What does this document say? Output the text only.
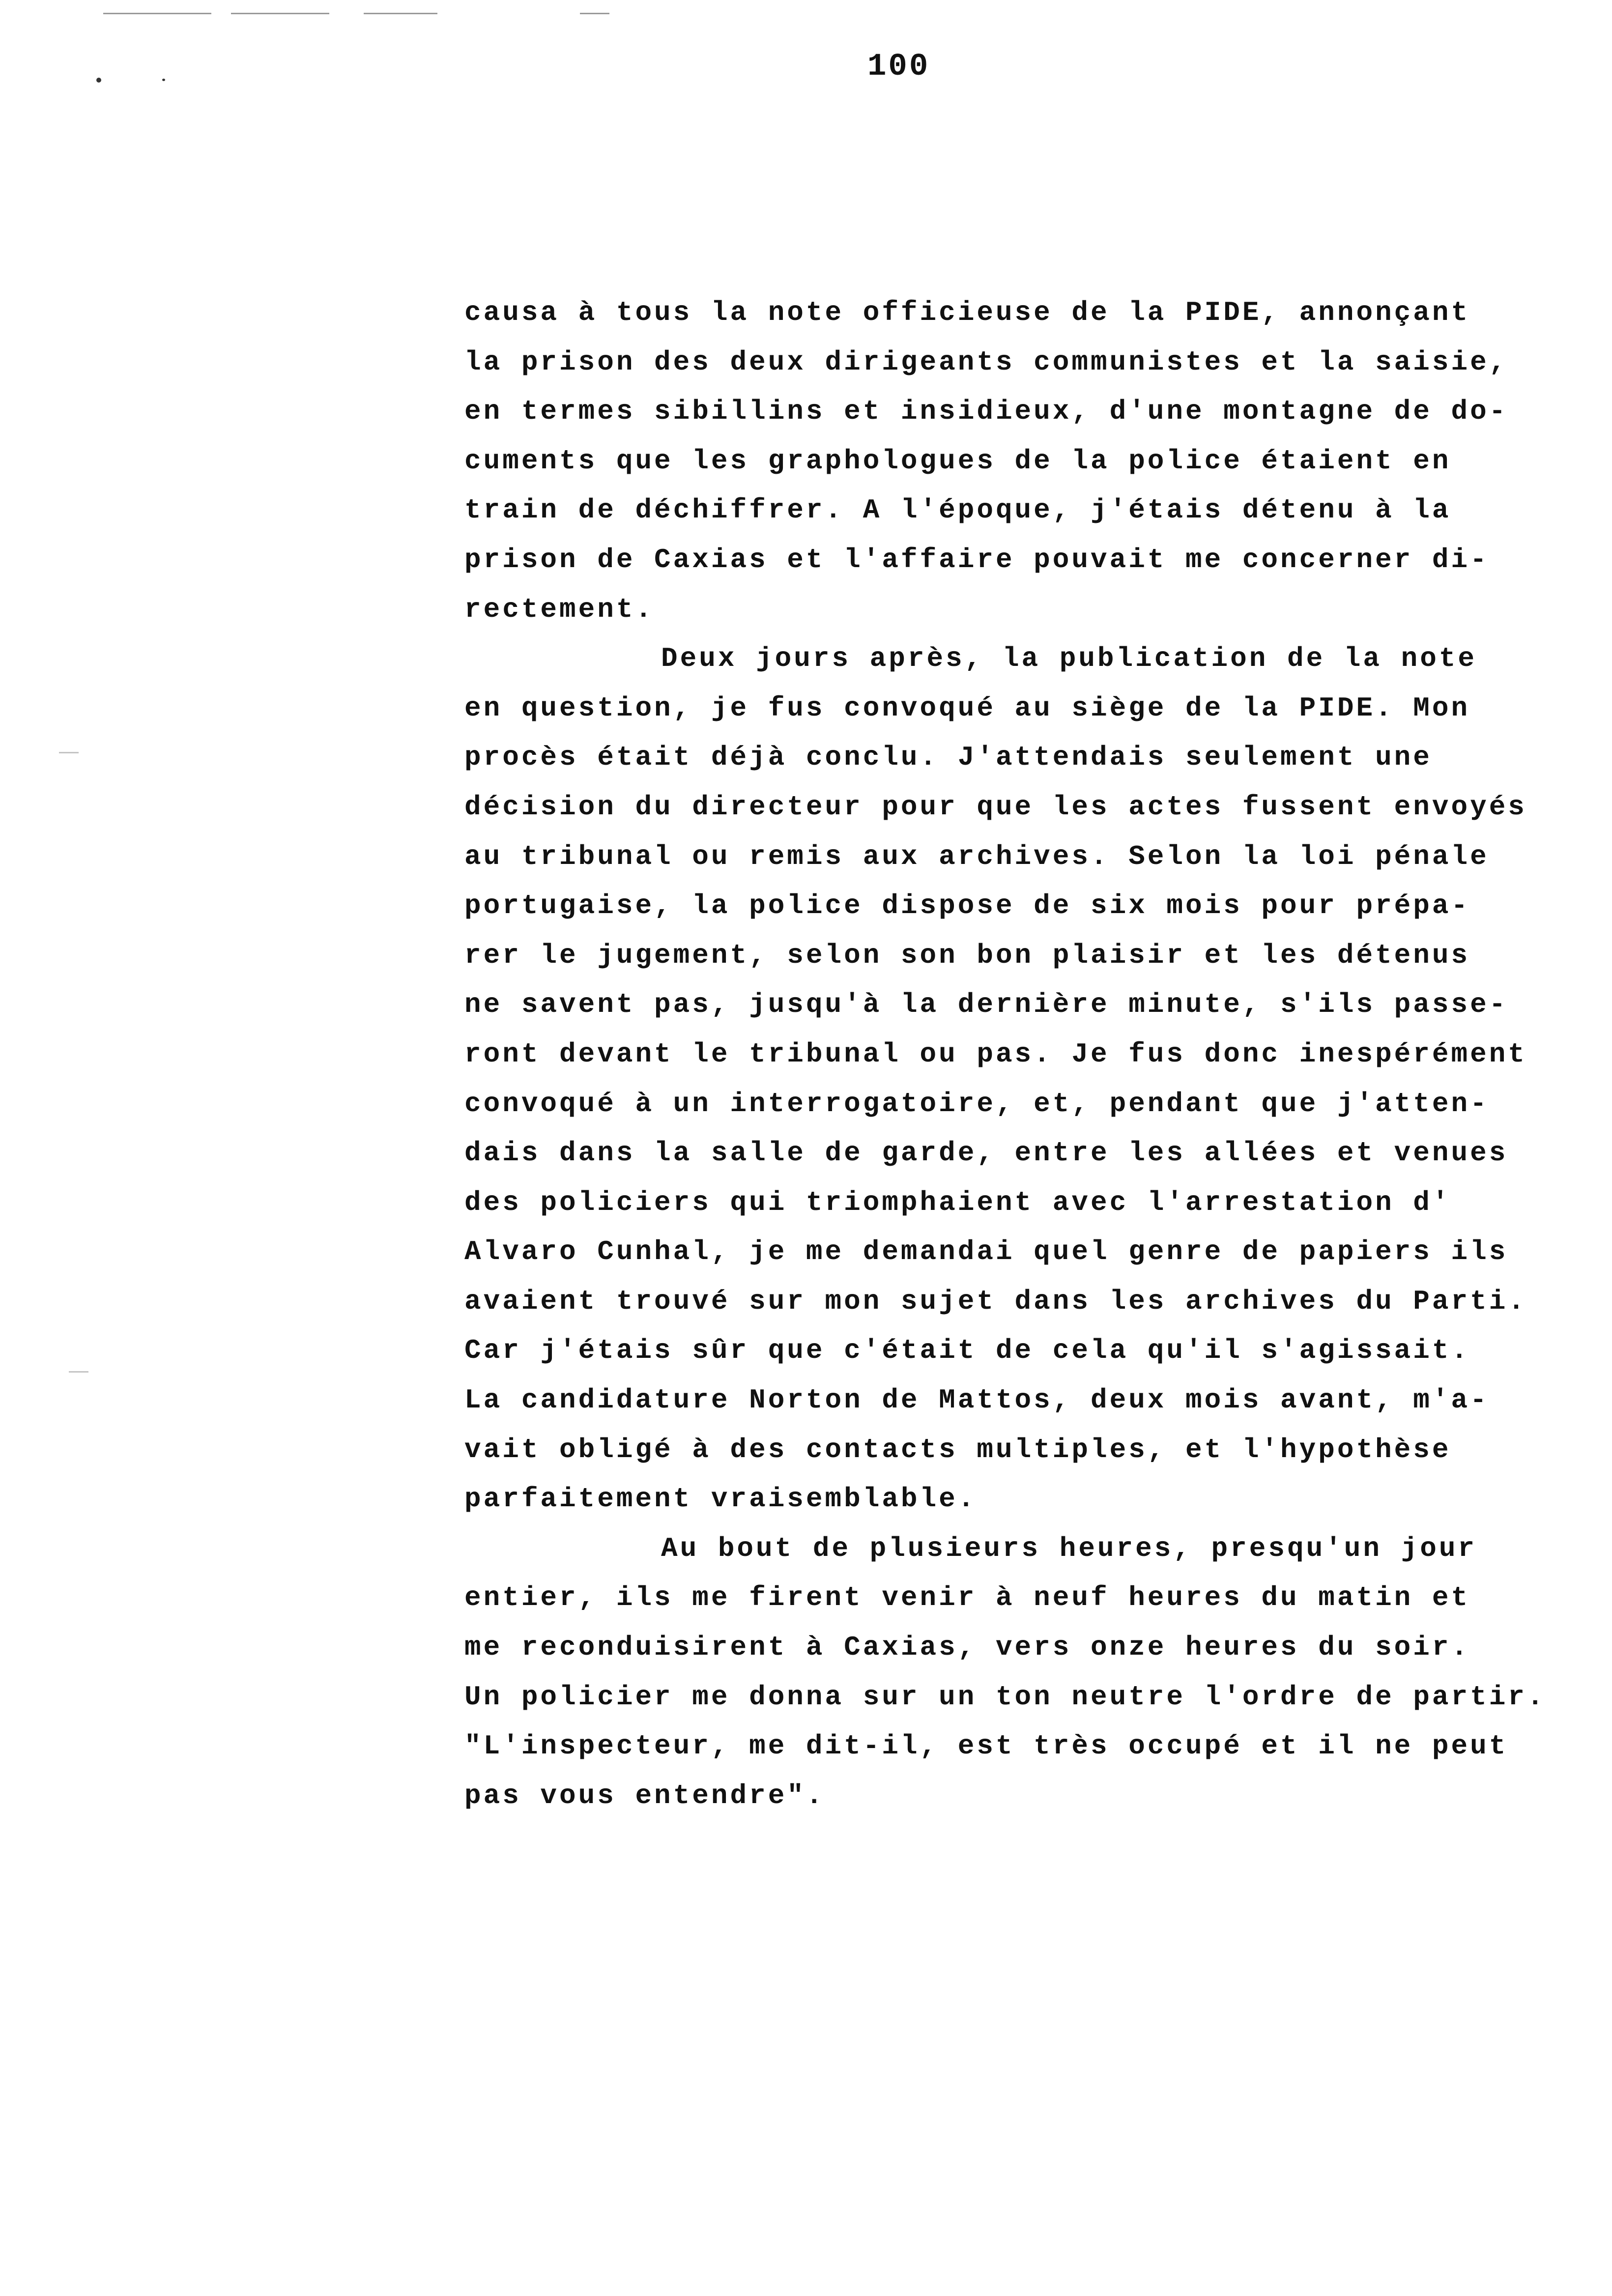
100
causa à tous la note officieuse de la PIDE, annonçant
la prison des deux dirigeants communistes et la saisie,
en termes sibillins et insidieux, d'une montagne de do-
cuments que les graphologues de la police étaient en
train de déchiffrer. A l'époque, j'étais détenu à la
prison de Caxias et l'affaire pouvait me concerner di-
rectement.
Deux jours après, la publication de la note
en question, je fus convoqué au siège de la PIDE. Mon
procès était déjà conclu. J'attendais seulement une
décision du directeur pour que les actes fussent envoyés
au tribunal ou remis aux archives. Selon la loi pénale
portugaise, la police dispose de six mois pour prépa-
rer le jugement, selon son bon plaisir et les détenus
ne savent pas, jusqu'à la dernière minute, s'ils passe-
ront devant le tribunal ou pas. Je fus donc inespérément
convoqué à un interrogatoire, et, pendant que j'atten-
dais dans la salle de garde, entre les allées et venues
des policiers qui triomphaient avec l'arrestation d'
Alvaro Cunhal, je me demandai quel genre de papiers ils
avaient trouvé sur mon sujet dans les archives du Parti.
Car j'étais sûr que c'était de cela qu'il s'agissait.
La candidature Norton de Mattos, deux mois avant, m'a-
vait obligé à des contacts multiples, et l'hypothèse
parfaitement vraisemblable.
Au bout de plusieurs heures, presqu'un jour
entier, ils me firent venir à neuf heures du matin et
me reconduisirent à Caxias, vers onze heures du soir.
Un policier me donna sur un ton neutre l'ordre de partir.
"L'inspecteur, me dit-il, est très occupé et il ne peut
pas vous entendre".
